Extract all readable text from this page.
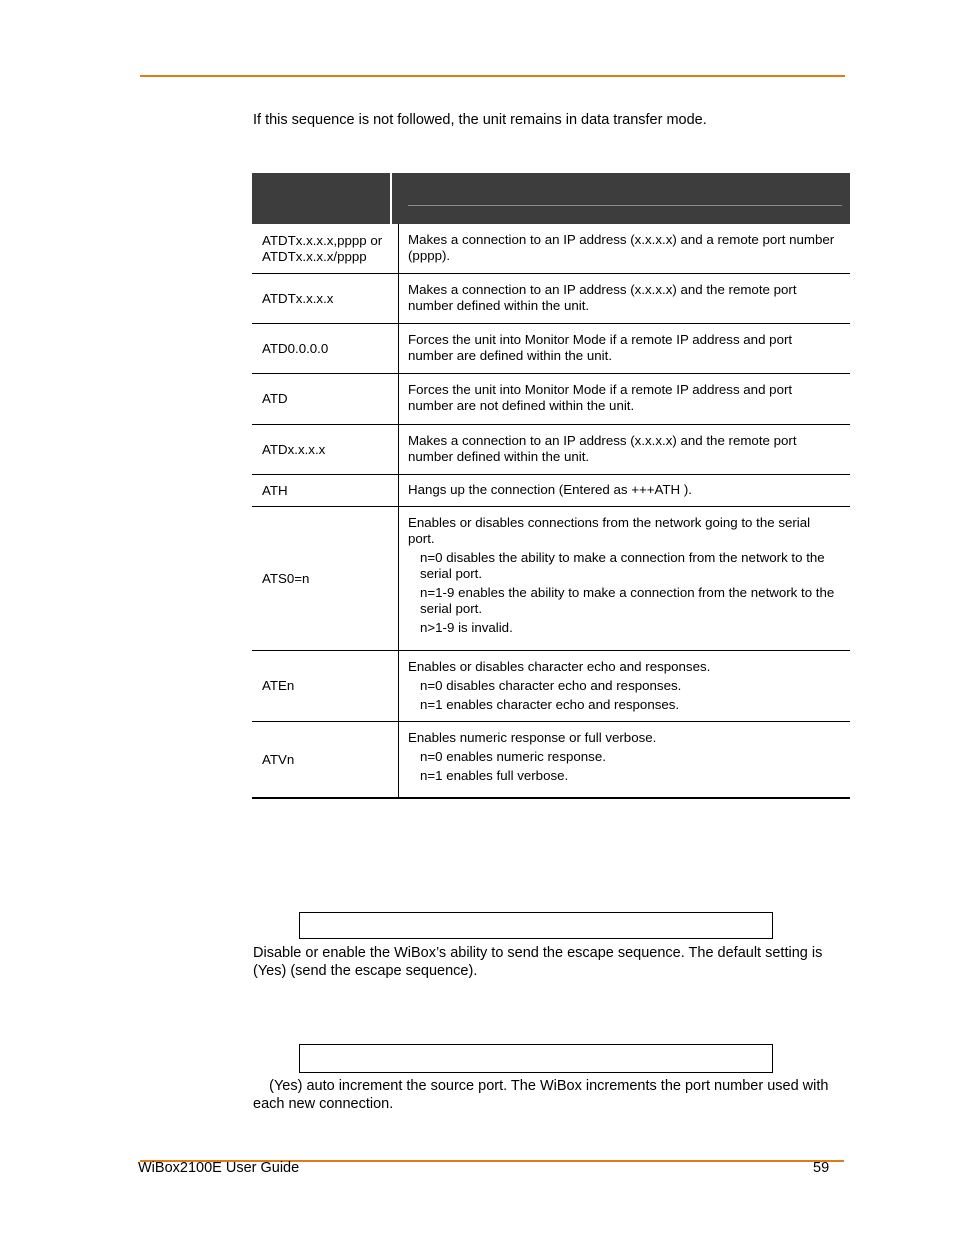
If this sequence is not followed, the unit remains in data transfer mode.
ATDTx.x.x.x,pppp or ATDTx.x.x.x/pppp
Makes a connection to an IP address (x.x.x.x) and a remote port number (pppp).
ATDTx.x.x.x
Makes a connection to an IP address (x.x.x.x) and the remote port number defined within the unit.
ATD0.0.0.0
Forces the unit into Monitor Mode if a remote IP address and port number are defined within the unit.
ATD
Forces the unit into Monitor Mode if a remote IP address and port number are not defined within the unit.
ATDx.x.x.x
Makes a connection to an IP address (x.x.x.x) and the remote port number defined within the unit.
ATH	Hangs up the connection (Entered as +++ATH ).
ATS0=n
Enables or disables connections from the network going to the serial port.
n=0 disables the ability to make a connection from the network to the serial port.
n=1-9 enables the ability to make a connection from the network to the serial port.
n>1-9 is invalid.
ATEn
Enables or disables character echo and responses.
n=0 disables character echo and responses.
n=1 enables character echo and responses.
ATVn
Enables numeric response or full verbose.
n=0 enables numeric response.
n=1 enables full verbose.
Disable or enable the WiBox’s ability to send the escape sequence. The default setting is     (Yes) (send the escape sequence).
(Yes) auto increment the source port. The WiBox increments the port number used with each new connection.
WiBox2100E User Guide	59
